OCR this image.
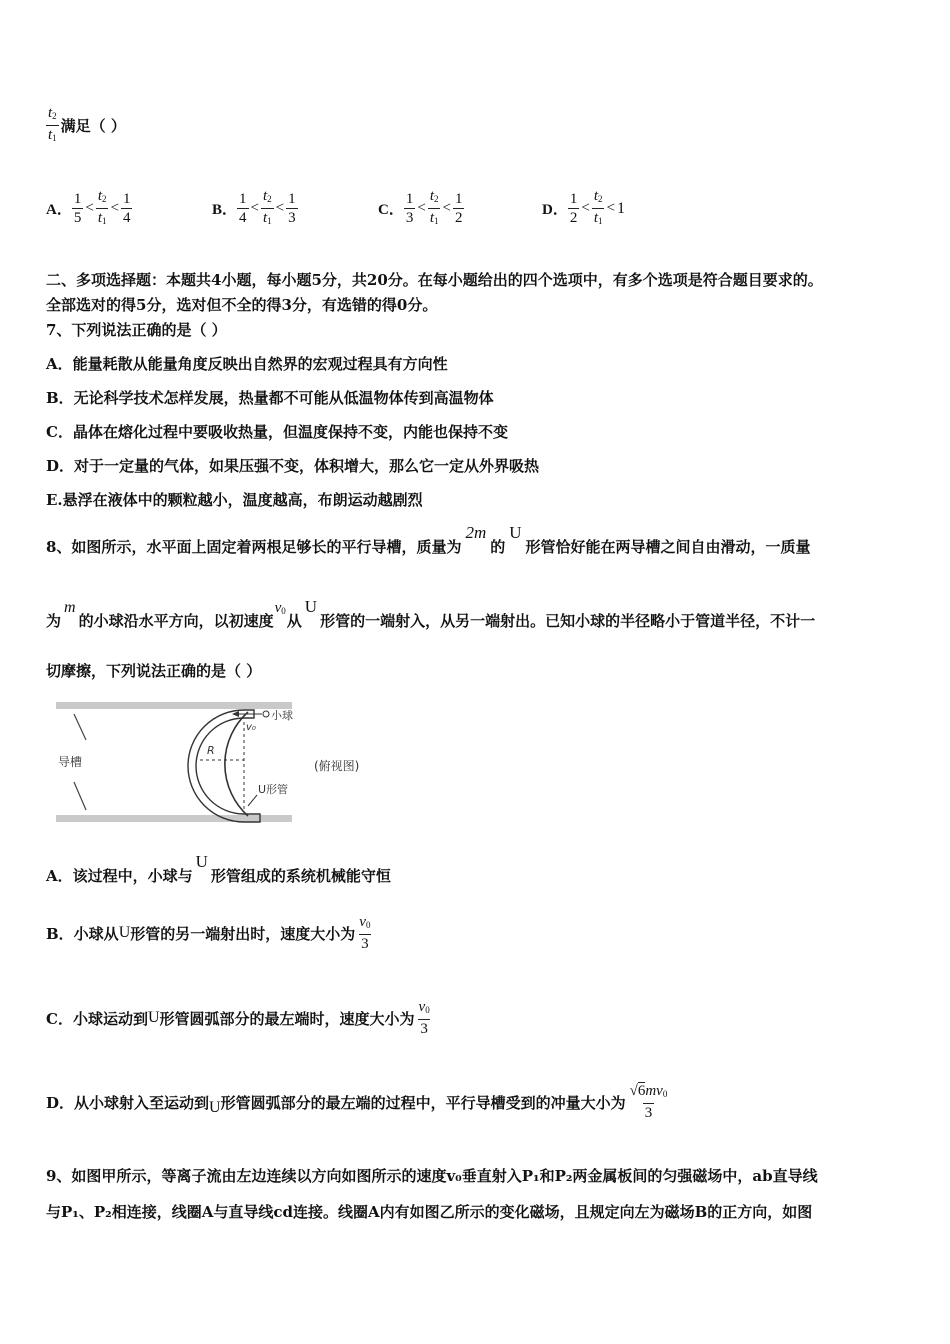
$\frac{t_2}{t_1}$ 满足（ ）
A． $\frac{1}{5} < \frac{t_2}{t_1} < \frac{1}{4}$	B． $\frac{1}{4} < \frac{t_2}{t_1} < \frac{1}{3}$	C． $\frac{1}{3} < \frac{t_2}{t_1} < \frac{1}{2}$	D． $\frac{1}{2} < \frac{t_2}{t_1} < 1$
二、多项选择题：本题共4小题，每小题5分，共20分。在每小题给出的四个选项中，有多个选项是符合题目要求的。
全部选对的得5分，选对但不全的得3分，有选错的得0分。
7、下列说法正确的是（ ）
A．能量耗散从能量角度反映出自然界的宏观过程具有方向性
B．无论科学技术怎样发展，热量都不可能从低温物体传到高温物体
C．晶体在熔化过程中要吸收热量，但温度保持不变，内能也保持不变
D．对于一定量的气体，如果压强不变，体积增大，那么它一定从外界吸热
E.悬浮在液体中的颗粒越小，温度越高，布朗运动越剧烈
8、如图所示，水平面上固定着两根足够长的平行导槽，质量为2m的U形管恰好能在两导槽之间自由滑动，一质量
为m的小球沿水平方向，以初速度$v_0$从U形管的一端射入，从另一端射出。已知小球的半径略小于管道半径，不计一
切摩擦，下列说法正确的是（ ）
导槽
R
v₀
小球
U形管
(俯视图)
A．该过程中，小球与U形管组成的系统机械能守恒
B．小球从 U 形管的另一端射出时，速度大小为 $\frac{v_0}{3}$
C．小球运动到 U 形管圆弧部分的最左端时，速度大小为 $\frac{v_0}{3}$
D．从小球射入至运动到 U 形管圆弧部分的最左端的过程中，平行导槽受到的冲量大小为 $\frac{√6mv_0}{3}$
9、如图甲所示，等离子流由左边连续以方向如图所示的速度v₀垂直射入P₁和P₂两金属板间的匀强磁场中，ab直导线
与P₁、P₂相连接，线圈A与直导线cd连接。线圈A内有如图乙所示的变化磁场，且规定向左为磁场B的正方向，如图
